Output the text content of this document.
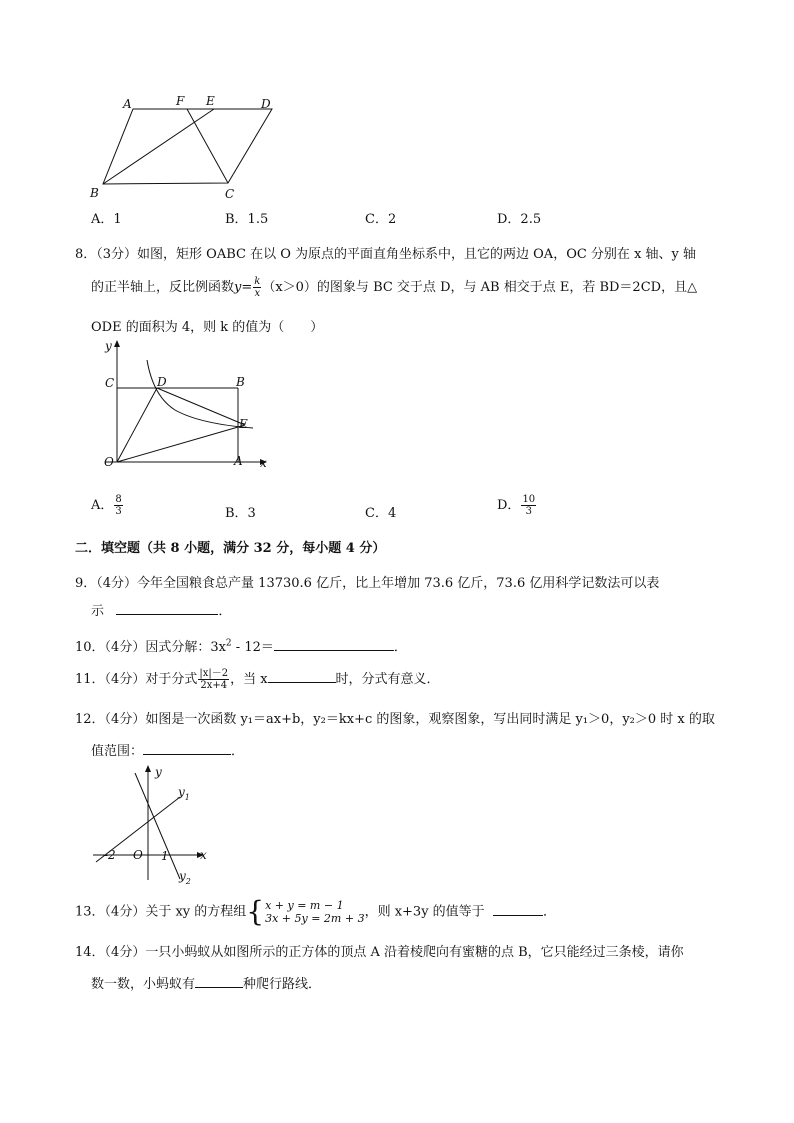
A	F E	D
B	C
A．1	B．1.5	C．2	D．2.5
8．（3分）如图，矩形 OABC 在以 O 为原点的平面直角坐标系中，且它的两边 OA，OC 分别在 x 轴、y 轴
的正半轴上，反比例函数$y= \frac{k}{x} (x>0)$的图象与 BC 交于点 D，与 AB 相交于点 E，若 BD＝2CD，且△
ODE 的面积为 4，则 k 的值为（　　）
y
C	D	B
E
O	A x
A． $\frac{8}{3}$	B．3	C．4
D． $\frac{10}{3}$
二．填空题（共 8 小题，满分 32 分，每小题 4 分）
9．（4分）今年全国粮食总产量 13730.6 亿斤，比上年增加 73.6 亿斤，73.6 亿用科学记数法可以表
示	．
10．（4分）因式分解：$3x^2 - 12=$	．
11．（4分）对于分式 $\frac{|x|-2}{2x+4}$ ，当 x	时，分式有意义．
12．（4分）如图是一次函数 y₁＝ax+b，y₂＝kx+c 的图象，观察图象，写出同时满足 y₁＞0，y₂＞0 时 x 的取
值范围：	．
y
$y_1$
-2 O 1	x
$y_2$
13．（4分）关于 xy 的方程组{ x + y = m − 1
3x + 5y = 2m + 3 ，则 x+3y 的值等于	．
14．（4分）一只小蚂蚁从如图所示的正方体的顶点 A 沿着棱爬向有蜜糖的点 B，它只能经过三条棱，请你
数一数，小蚂蚁有	种爬行路线．
